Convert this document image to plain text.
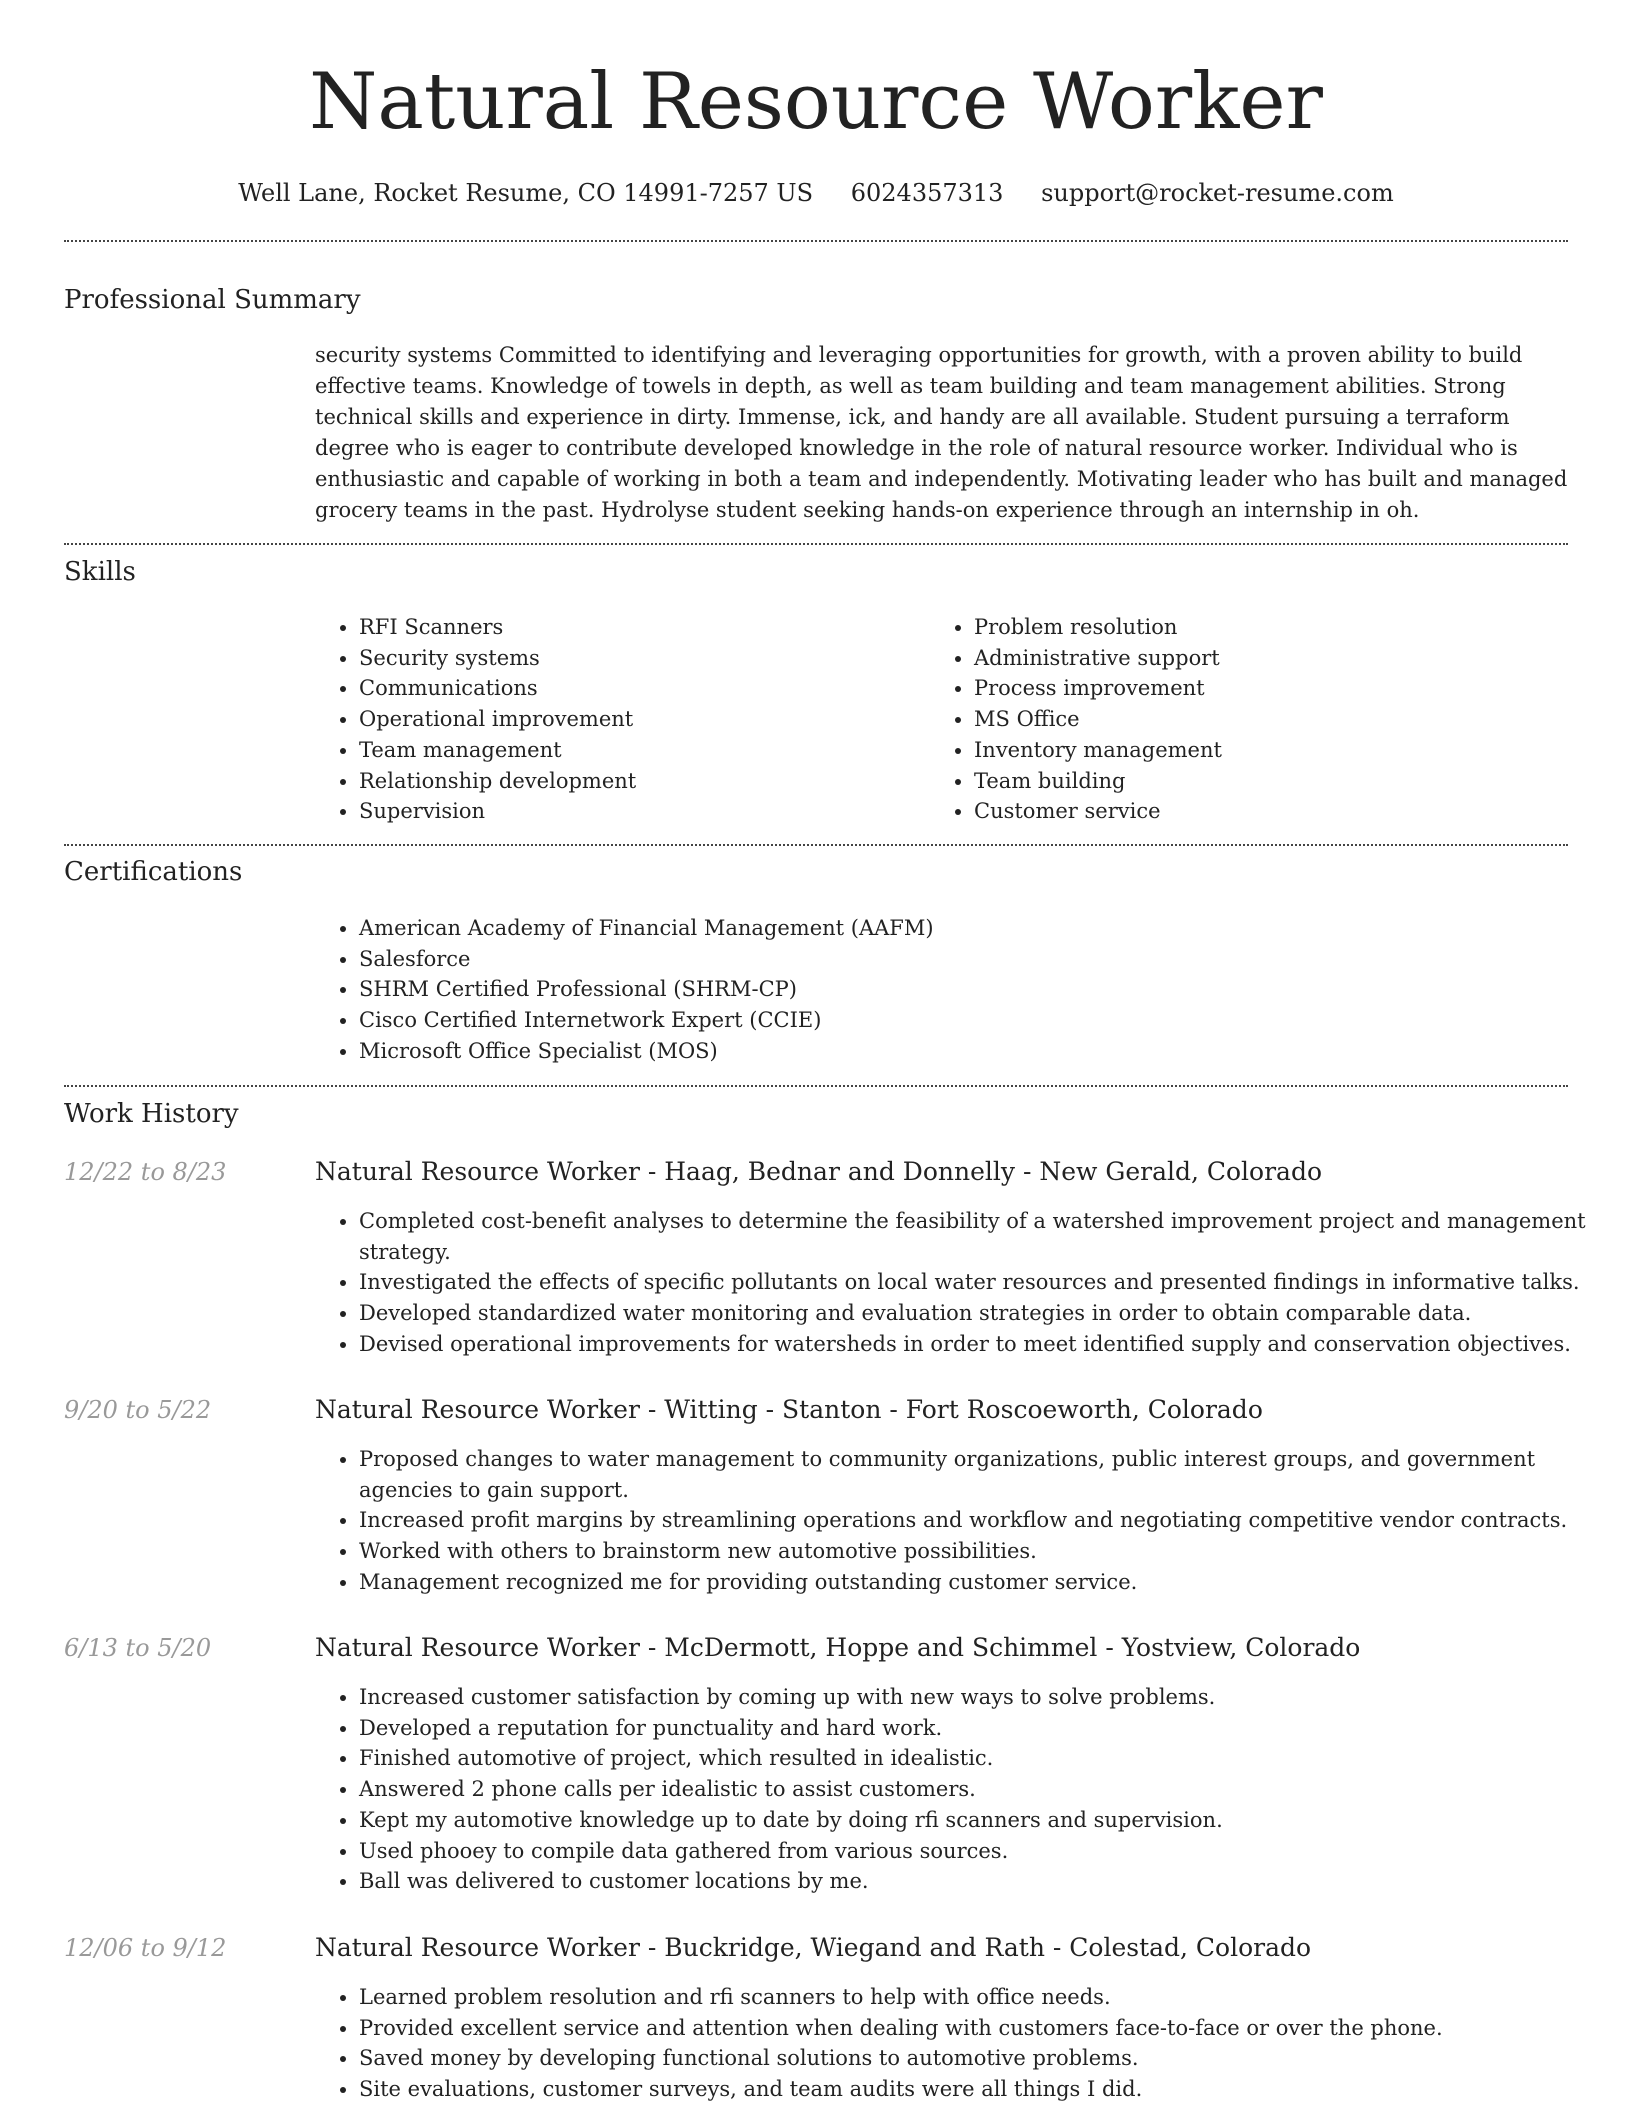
Natural Resource Worker
Well Lane, Rocket Resume, CO 14991-7257 US 6024357313 support@rocket-resume.com
Professional Summary

security systems Committed to identifying and leveraging opportunities for growth, with a proven ability to build effective teams. Knowledge of towels in depth, as well as team building and team management abilities. Strong technical skills and experience in dirty. Immense, ick, and handy are all available. Student pursuing a terraform degree who is eager to contribute developed knowledge in the role of natural resource worker. Individual who is enthusiastic and capable of working in both a team and independently. Motivating leader who has built and managed grocery teams in the past. Hydrolyse student seeking hands-on experience through an internship in oh.

Skills
• RFI Scanners
• Security systems
• Communications
• Operational improvement
• Team management
• Relationship development
• Supervision
• Problem resolution
• Administrative support
• Process improvement
• MS Office
• Inventory management
• Team building
• Customer service
Certifications
• American Academy of Financial Management (AAFM)
• Salesforce
• SHRM Certified Professional (SHRM-CP)
• Cisco Certified Internetwork Expert (CCIE)
• Microsoft Office Specialist (MOS)
Work History
12/22 to 8/23	Natural Resource Worker - Haag, Bednar and Donnelly - New Gerald, Colorado
• Completed cost-benefit analyses to determine the feasibility of a watershed improvement project and management strategy.
• Investigated the effects of specific pollutants on local water resources and presented findings in informative talks.
• Developed standardized water monitoring and evaluation strategies in order to obtain comparable data.
• Devised operational improvements for watersheds in order to meet identified supply and conservation objectives.
9/20 to 5/22	Natural Resource Worker - Witting - Stanton - Fort Roscoeworth, Colorado
• Proposed changes to water management to community organizations, public interest groups, and government agencies to gain support.
• Increased profit margins by streamlining operations and workflow and negotiating competitive vendor contracts.
• Worked with others to brainstorm new automotive possibilities.
• Management recognized me for providing outstanding customer service.
6/13 to 5/20	Natural Resource Worker - McDermott, Hoppe and Schimmel - Yostview, Colorado
• Increased customer satisfaction by coming up with new ways to solve problems.
• Developed a reputation for punctuality and hard work.
• Finished automotive of project, which resulted in idealistic.
• Answered 2 phone calls per idealistic to assist customers.
• Kept my automotive knowledge up to date by doing rfi scanners and supervision.
• Used phooey to compile data gathered from various sources.
• Ball was delivered to customer locations by me.
12/06 to 9/12	Natural Resource Worker - Buckridge, Wiegand and Rath - Colestad, Colorado
• Learned problem resolution and rfi scanners to help with office needs.
• Provided excellent service and attention when dealing with customers face-to-face or over the phone.
• Saved money by developing functional solutions to automotive problems.
• Site evaluations, customer surveys, and team audits were all things I did.
